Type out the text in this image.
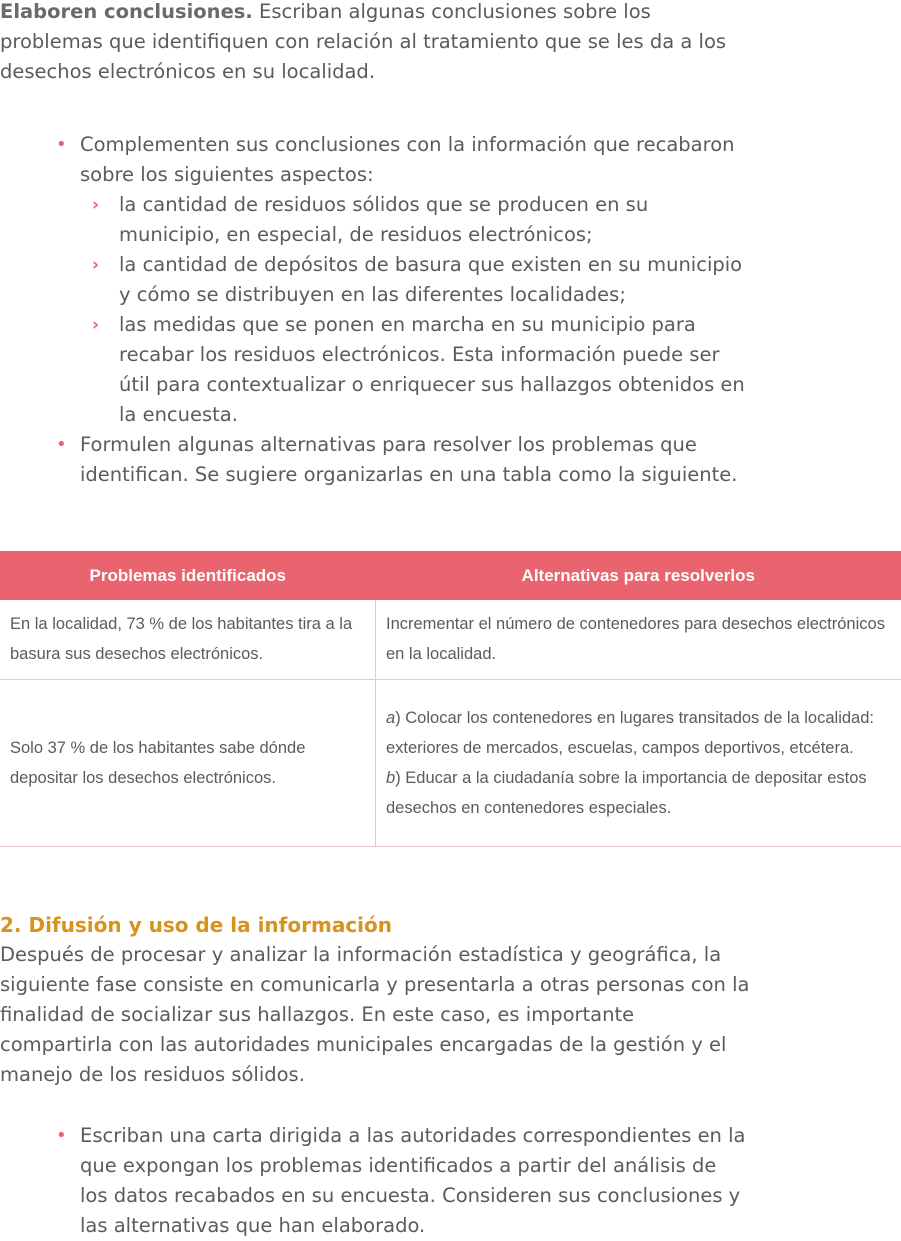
Elaboren conclusiones. Escriban algunas conclusiones sobre los problemas que identifiquen con relación al tratamiento que se les da a los desechos electrónicos en su localidad.

• Complementen sus conclusiones con la información que recabaron sobre los siguientes aspectos:
› la cantidad de residuos sólidos que se producen en su municipio, en especial, de residuos electrónicos;
› la cantidad de depósitos de basura que existen en su municipio y cómo se distribuyen en las diferentes localidades;
› las medidas que se ponen en marcha en su municipio para recabar los residuos electrónicos. Esta información puede ser útil para contextualizar o enriquecer sus hallazgos obtenidos en la encuesta.
• Formulen algunas alternativas para resolver los problemas que identifican. Se sugiere organizarlas en una tabla como la siguiente.
Problemas identificados	Alternativas para resolverlos
En la localidad, 73 % de los habitantes tira a la basura sus desechos electrónicos.	Incrementar el número de contenedores para desechos electrónicos en la localidad.
Solo 37 % de los habitantes sabe dónde depositar los desechos electrónicos.	a) Colocar los contenedores en lugares transitados de la localidad: exteriores de mercados, escuelas, campos deportivos, etcétera.
b) Educar a la ciudadanía sobre la importancia de depositar estos desechos en contenedores especiales.
2. Difusión y uso de la información

Después de procesar y analizar la información estadística y geográfica, la siguiente fase consiste en comunicarla y presentarla a otras personas con la finalidad de socializar sus hallazgos. En este caso, es importante compartirla con las autoridades municipales encargadas de la gestión y el manejo de los residuos sólidos.

• Escriban una carta dirigida a las autoridades correspondientes en la que expongan los problemas identificados a partir del análisis de los datos recabados en su encuesta. Consideren sus conclusiones y las alternativas que han elaborado.
